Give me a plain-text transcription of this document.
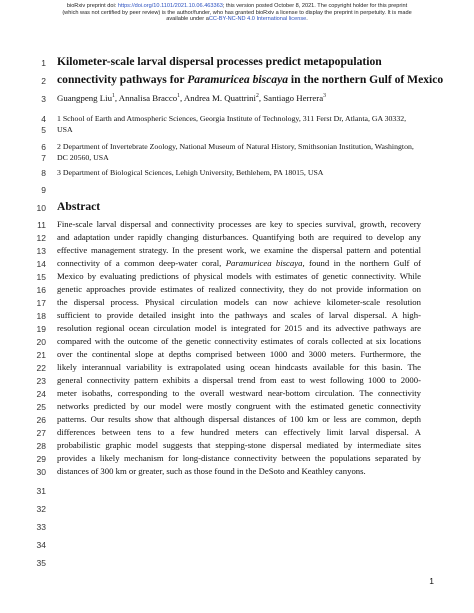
bioRxiv preprint doi: https://doi.org/10.1101/2021.10.06.463363; this version posted October 8, 2021. The copyright holder for this preprint
(which was not certified by peer review) is the author/funder, who has granted bioRxiv a license to display the preprint in perpetuity. It is made
available under aCC-BY-NC-ND 4.0 International license.
1
2
3
4
5
6
7
8
9
10
11
12
13
14
15
16
17
18
19
20
21
22
23
24
25
26
27
28
29
30
31
32
33
34
35
Kilometer-scale larval dispersal processes predict metapopulation
connectivity pathways for Paramuricea biscaya in the northern Gulf of Mexico
Guangpeng Liu$^1$, Annalisa Bracco$^1$, Andrea M. Quattrini$^2$, Santiago Herrera$^3$
1 School of Earth and Atmospheric Sciences, Georgia Institute of Technology, 311 Ferst Dr, Atlanta, GA 30332,
USA
2 Department of Invertebrate Zoology, National Museum of Natural History, Smithsonian Institution, Washington,
DC 20560, USA
3 Department of Biological Sciences, Lehigh University, Bethlehem, PA 18015, USA
Abstract
Fine-scale larval dispersal and connectivity processes are key to species survival, growth, recovery
and adaptation under rapidly changing disturbances. Quantifying both are required to develop any
effective management strategy. In the present work, we examine the dispersal pattern and potential
connectivity of a common deep-water coral, Paramuricea biscaya, found in the northern Gulf of
Mexico by evaluating predictions of physical models with estimates of genetic connectivity. While
genetic approaches provide estimates of realized connectivity, they do not provide information on
the dispersal process. Physical circulation models can now achieve kilometer-scale resolution
sufficient to provide detailed insight into the pathways and scales of larval dispersal. A high-
resolution regional ocean circulation model is integrated for 2015 and its advective pathways are
compared with the outcome of the genetic connectivity estimates of corals collected at six locations
over the continental slope at depths comprised between 1000 and 3000 meters. Furthermore, the
likely interannual variability is extrapolated using ocean hindcasts available for this basin. The
general connectivity pattern exhibits a dispersal trend from east to west following 1000 to 2000-
meter isobaths, corresponding to the overall westward near-bottom circulation. The connectivity
networks predicted by our model were mostly congruent with the estimated genetic connectivity
patterns. Our results show that although dispersal distances of 100 km or less are common, depth
differences between tens to a few hundred meters can effectively limit larval dispersal. A
probabilistic graphic model suggests that stepping-stone dispersal mediated by intermediate sites
provides a likely mechanism for long-distance connectivity between the populations separated by
distances of 300 km or greater, such as those found in the DeSoto and Keathley canyons.
1
